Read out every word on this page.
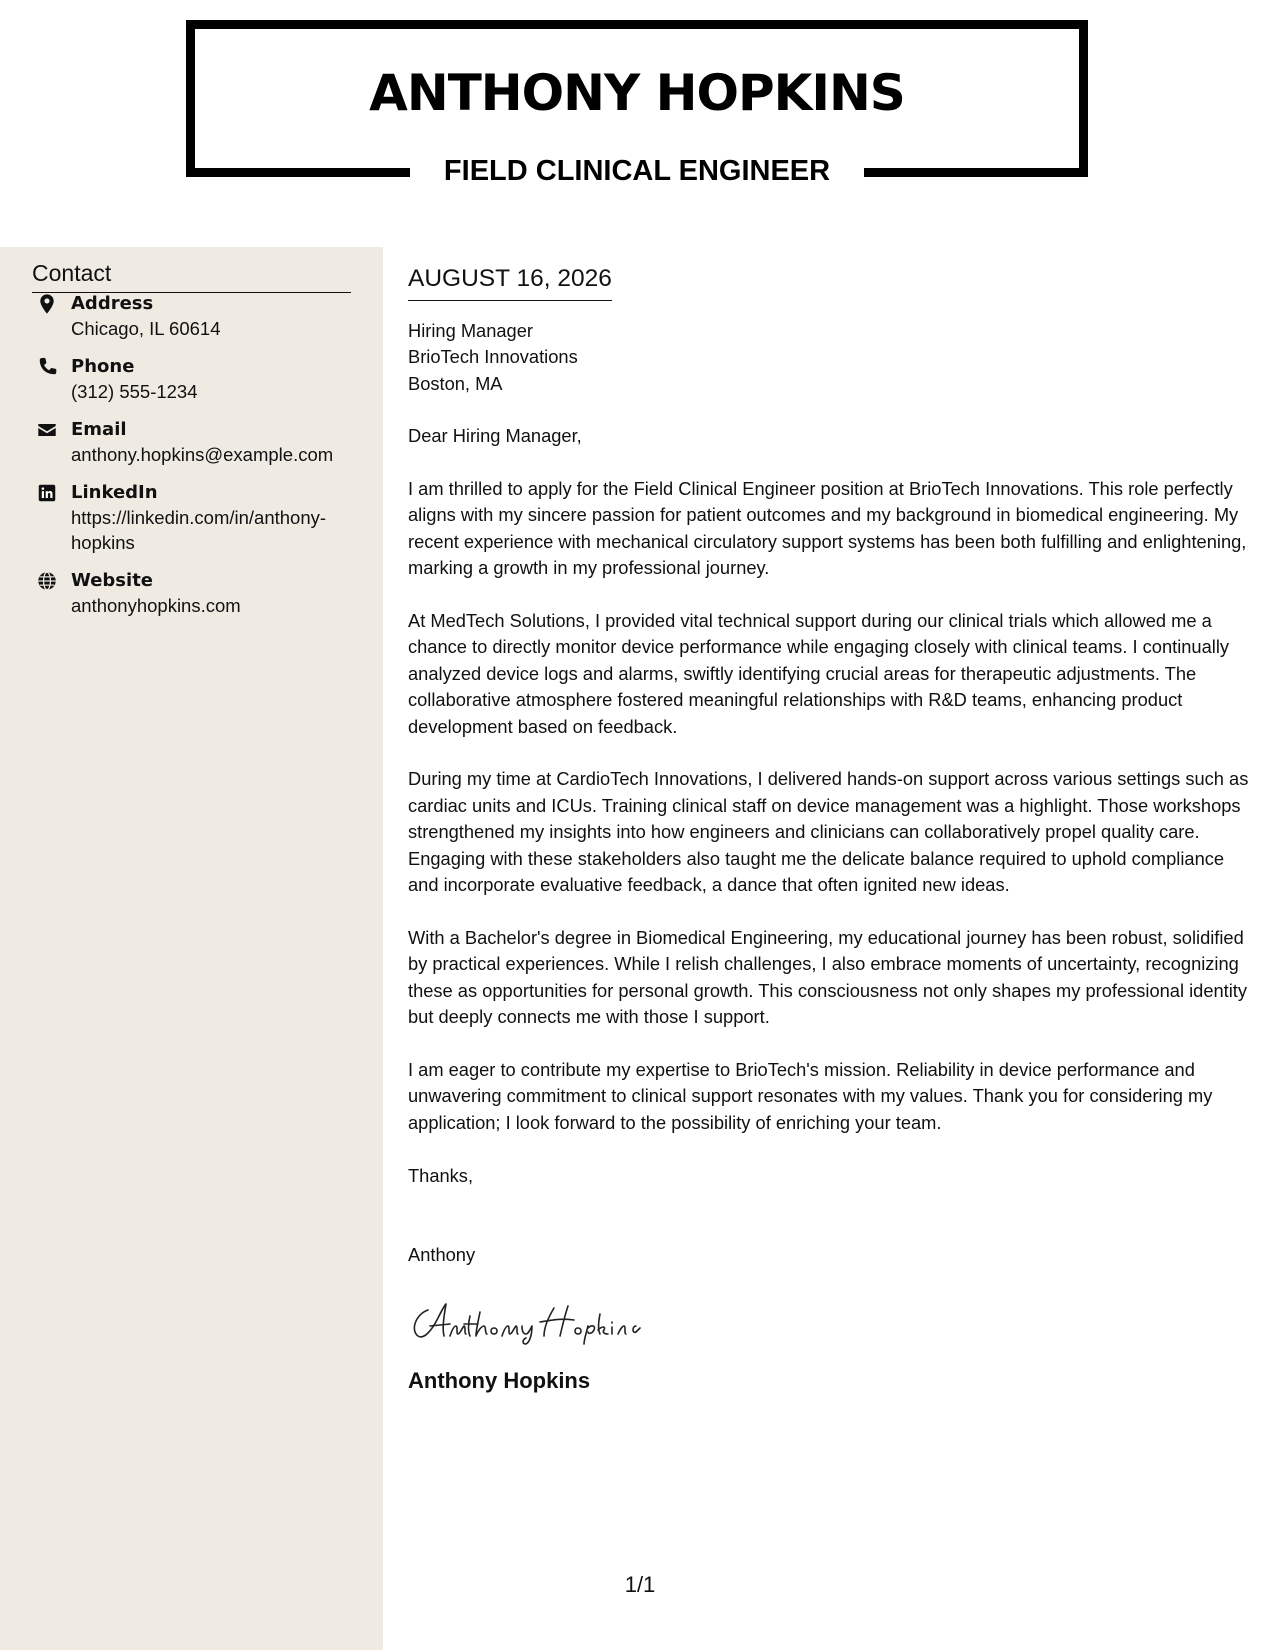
ANTHONY HOPKINS
FIELD CLINICAL ENGINEER
Contact
Address
Chicago, IL 60614
Phone
(312) 555-1234
Email
anthony.hopkins@example.com
LinkedIn
https://linkedin.com/in/anthony-hopkins
Website
anthonyhopkins.com
AUGUST 16, 2026
Hiring Manager
BrioTech Innovations
Boston, MA
Dear Hiring Manager,

I am thrilled to apply for the Field Clinical Engineer position at BrioTech Innovations. This role perfectly aligns with my sincere passion for patient outcomes and my background in biomedical engineering. My recent experience with mechanical circulatory support systems has been both fulfilling and enlightening, marking a growth in my professional journey.

At MedTech Solutions, I provided vital technical support during our clinical trials which allowed me a chance to directly monitor device performance while engaging closely with clinical teams. I continually analyzed device logs and alarms, swiftly identifying crucial areas for therapeutic adjustments. The collaborative atmosphere fostered meaningful relationships with R&D teams, enhancing product development based on feedback.

During my time at CardioTech Innovations, I delivered hands-on support across various settings such as cardiac units and ICUs. Training clinical staff on device management was a highlight. Those workshops strengthened my insights into how engineers and clinicians can collaboratively propel quality care. Engaging with these stakeholders also taught me the delicate balance required to uphold compliance and incorporate evaluative feedback, a dance that often ignited new ideas.

With a Bachelor's degree in Biomedical Engineering, my educational journey has been robust, solidified by practical experiences. While I relish challenges, I also embrace moments of uncertainty, recognizing these as opportunities for personal growth. This consciousness not only shapes my professional identity but deeply connects me with those I support.

I am eager to contribute my expertise to BrioTech's mission. Reliability in device performance and unwavering commitment to clinical support resonates with my values. Thank you for considering my application; I look forward to the possibility of enriching your team.

Thanks,
Anthony
Anthony Hopkins
Anthony Hopkins
1/1
